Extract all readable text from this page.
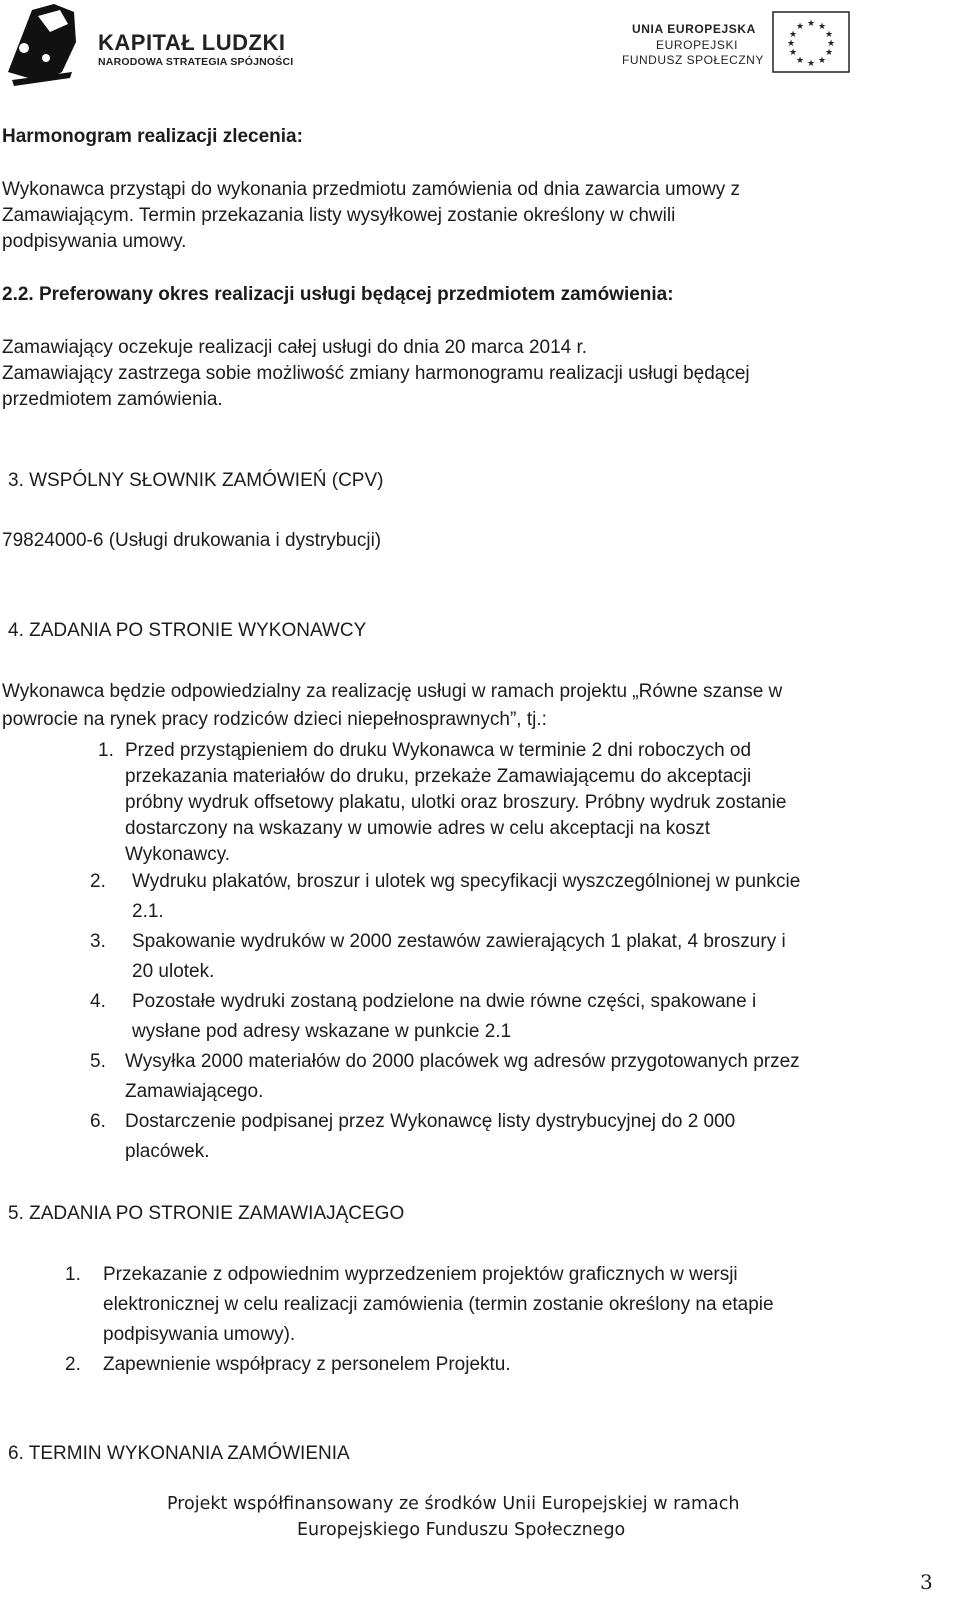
KAPITAŁ LUDZKI
NARODOWA STRATEGIA SPÓJNOŚCI
UNIA EUROPEJSKA
EUROPEJSKI
FUNDUSZ SPOŁECZNY
★ ★
★
★
★
★
★
★
★
★
★
★
Harmonogram realizacji zlecenia:
Wykonawca przystąpi do wykonania przedmiotu zamówienia od dnia zawarcia umowy z
Zamawiającym. Termin przekazania listy wysyłkowej zostanie określony w chwili
podpisywania umowy.
2.2. Preferowany okres realizacji usługi będącej przedmiotem zamówienia:
Zamawiający oczekuje realizacji całej usługi do dnia 20 marca 2014 r.
Zamawiający zastrzega sobie możliwość zmiany harmonogramu realizacji usługi będącej
przedmiotem zamówienia.
3. WSPÓLNY SŁOWNIK ZAMÓWIEŃ (CPV)
79824000-6 (Usługi drukowania i dystrybucji)
4. ZADANIA PO STRONIE WYKONAWCY
Wykonawca będzie odpowiedzialny za realizację usługi w ramach projektu „Równe szanse w
powrocie na rynek pracy rodziców dzieci niepełnosprawnych”, tj.:
1. Przed przystąpieniem do druku Wykonawca w terminie 2 dni roboczych od
przekazania materiałów do druku, przekaże Zamawiającemu do akceptacji
próbny wydruk offsetowy plakatu, ulotki oraz broszury. Próbny wydruk zostanie
dostarczony na wskazany w umowie adres w celu akceptacji na koszt
Wykonawcy.
2. Wydruku plakatów, broszur i ulotek wg specyfikacji wyszczególnionej w punkcie
2.1.
3. Spakowanie wydruków w 2000 zestawów zawierających 1 plakat, 4 broszury i
20 ulotek.
4. Pozostałe wydruki zostaną podzielone na dwie równe części, spakowane i
wysłane pod adresy wskazane w punkcie 2.1
5. Wysyłka 2000 materiałów do 2000 placówek wg adresów przygotowanych przez
Zamawiającego.
6. Dostarczenie podpisanej przez Wykonawcę listy dystrybucyjnej do 2 000
placówek.
5. ZADANIA PO STRONIE ZAMAWIAJĄCEGO
1. Przekazanie z odpowiednim wyprzedzeniem projektów graficznych w wersji
elektronicznej w celu realizacji zamówienia (termin zostanie określony na etapie
podpisywania umowy).
2. Zapewnienie współpracy z personelem Projektu.
6. TERMIN WYKONANIA ZAMÓWIENIA
Projekt współfinansowany ze środków Unii Europejskiej w ramach
Europejskiego Funduszu Społecznego
3
